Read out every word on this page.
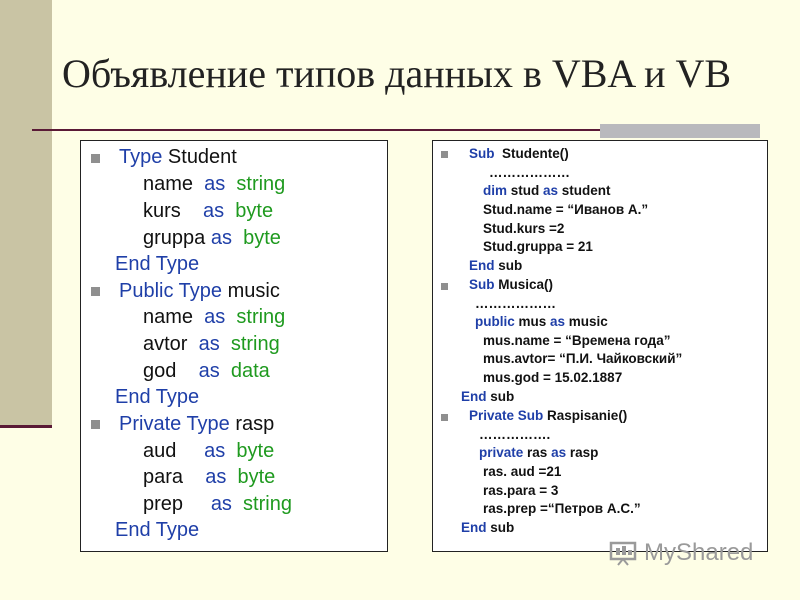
Объявление типов данных в VBA и VB
Type Student
name  as  string
kurs    as  byte
gruppa as  byte
End Type
Public Type music
name  as  string
avtor  as  string
god    as  data
End Type
Private Type rasp
aud     as  byte
para    as  byte
prep     as  string
End Type
Sub  Studente()
………………
dim stud as student
Stud.name = “Иванов А.”
Stud.kurs =2
Stud.gruppa = 21
End sub
Sub Musica()
………………
public mus as music
mus.name = “Времена года”
mus.avtor= “П.И. Чайковский”
mus.god = 15.02.1887
End sub
Private Sub Raspisanie()
…………….
private ras as rasp
ras. aud =21
ras.para = 3
ras.prep =“Петров А.С.”
End sub
MyShared
